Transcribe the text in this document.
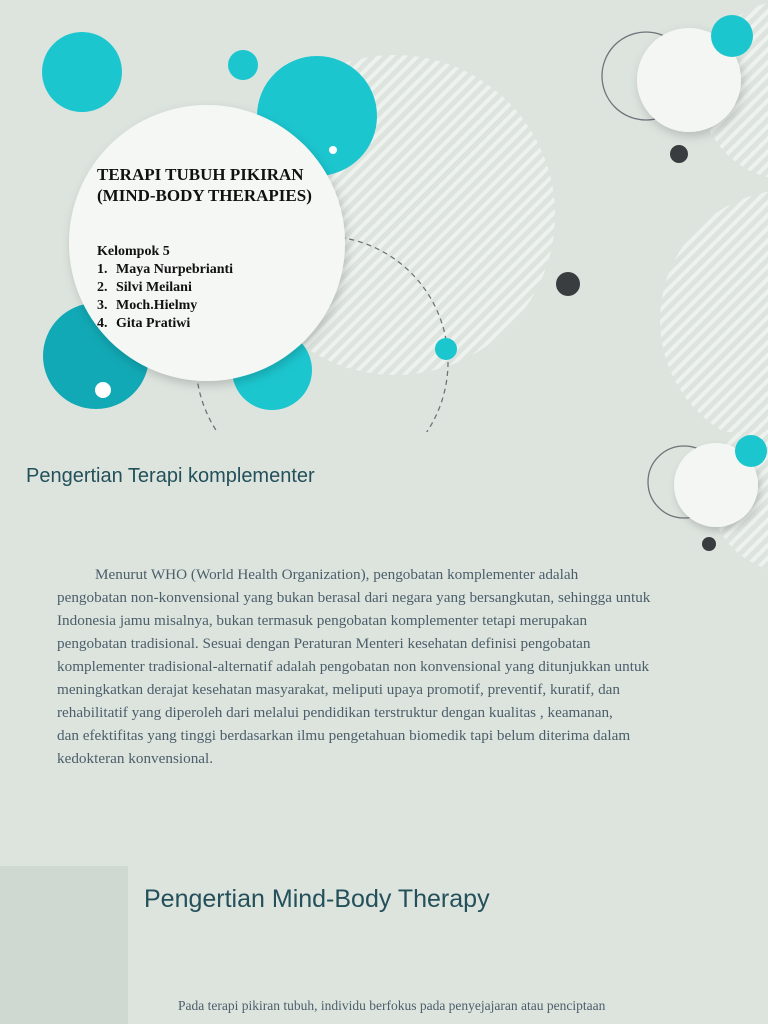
TERAPI TUBUH PIKIRAN
(MIND-BODY THERAPIES)
Kelompok 5
1. Maya Nurpebrianti
2. Silvi Meilani
3. Moch.Hielmy
4. Gita Pratiwi
Pengertian Terapi komplementer
Menurut WHO (World Health Organization), pengobatan komplementer adalah
pengobatan non-konvensional yang bukan berasal dari negara yang bersangkutan, sehingga untuk
Indonesia jamu misalnya, bukan termasuk pengobatan komplementer tetapi merupakan
pengobatan tradisional. Sesuai dengan Peraturan Menteri kesehatan definisi pengobatan
komplementer tradisional-alternatif adalah pengobatan non konvensional yang ditunjukkan untuk
meningkatkan derajat kesehatan masyarakat, meliputi upaya promotif, preventif, kuratif, dan
rehabilitatif yang diperoleh dari melalui pendidikan terstruktur dengan kualitas , keamanan,
dan efektifitas yang tinggi berdasarkan ilmu pengetahuan biomedik tapi belum diterima dalam
kedokteran konvensional.
Pengertian Mind-Body Therapy
Pada terapi pikiran tubuh, individu berfokus pada penyejajaran atau penciptaan
